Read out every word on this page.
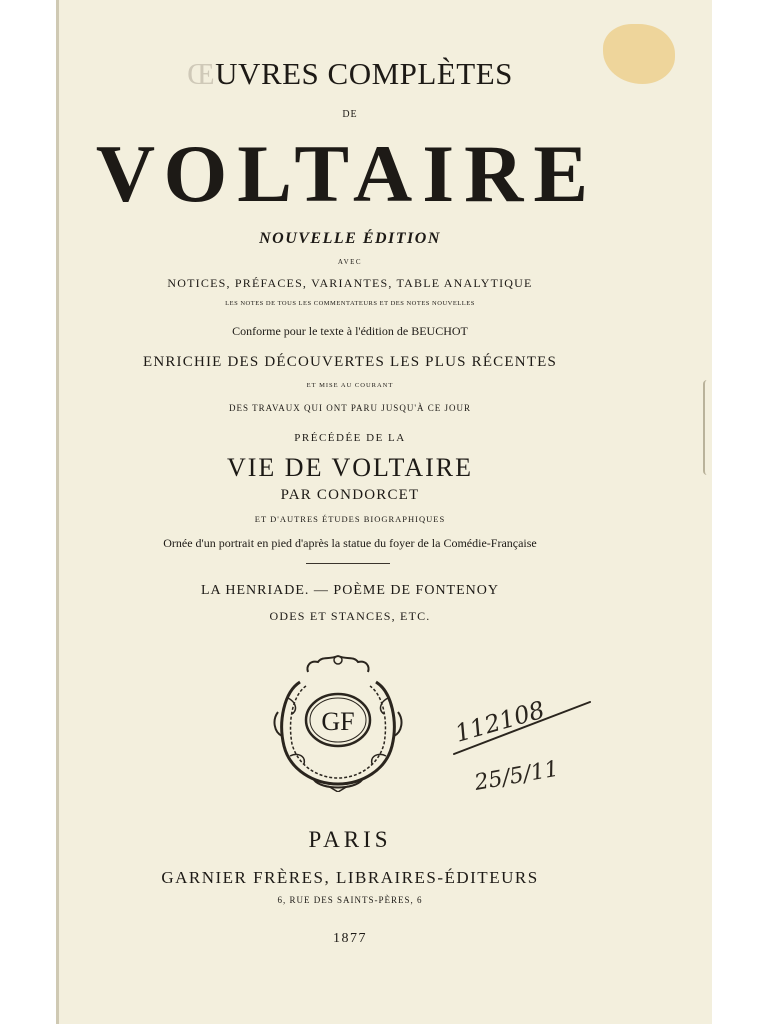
ŒUVRES COMPLÈTES
DE
VOLTAIRE
NOUVELLE ÉDITION
AVEC
NOTICES, PRÉFACES, VARIANTES, TABLE ANALYTIQUE
LES NOTES DE TOUS LES COMMENTATEURS ET DES NOTES NOUVELLES
Conforme pour le texte à l'édition de BEUCHOT
ENRICHIE DES DÉCOUVERTES LES PLUS RÉCENTES
ET MISE AU COURANT
DES TRAVAUX QUI ONT PARU JUSQU'À CE JOUR
PRÉCÉDÉE DE LA
VIE DE VOLTAIRE
PAR CONDORCET
ET D'AUTRES ÉTUDES BIOGRAPHIQUES
Ornée d'un portrait en pied d'après la statue du foyer de la Comédie-Française
LA HENRIADE. — POÈME DE FONTENOY
ODES ET STANCES, ETC.
GF	112108
25/5/11
PARIS
GARNIER FRÈRES, LIBRAIRES-ÉDITEURS
6, RUE DES SAINTS-PÈRES, 6
1877
